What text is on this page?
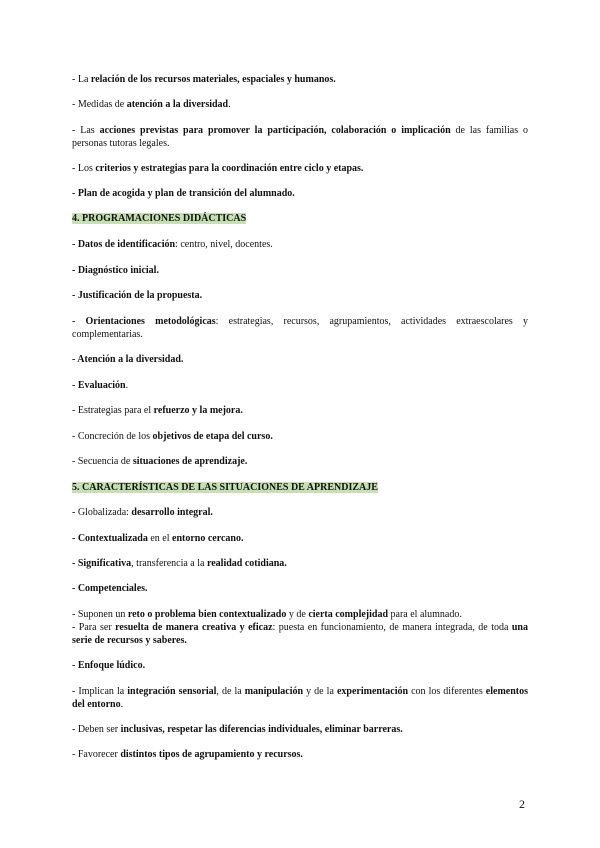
- La relación de los recursos materiales, espaciales y humanos.

- Medidas de atención a la diversidad.

- Las acciones previstas para promover la participación, colaboración o implicación de las familias o personas tutoras legales.

- Los criterios y estrategias para la coordinación entre ciclo y etapas.

- Plan de acogida y plan de transición del alumnado.

4. PROGRAMACIONES DIDÁCTICAS

- Datos de identificación: centro, nivel, docentes.

- Diagnóstico inicial.

- Justificación de la propuesta.

- Orientaciones metodológicas: estrategias, recursos, agrupamientos, actividades extraescolares y complementarias.

- Atención a la diversidad.

- Evaluación.

- Estrategias para el refuerzo y la mejora.

- Concreción de los objetivos de etapa del curso.

- Secuencia de situaciones de aprendizaje.

5. CARACTERÍSTICAS DE LAS SITUACIONES DE APRENDIZAJE

- Globalizada: desarrollo integral.

- Contextualizada en el entorno cercano.

- Significativa, transferencia a la realidad cotidiana.

- Competenciales.

- Suponen un reto o problema bien contextualizado y de cierta complejidad para el alumnado.

- Para ser resuelta de manera creativa y eficaz: puesta en funcionamiento, de manera integrada, de toda una serie de recursos y saberes.

- Enfoque lúdico.

- Implican la integración sensorial, de la manipulación y de la experimentación con los diferentes elementos del entorno.

- Deben ser inclusivas, respetar las diferencias individuales, eliminar barreras.

- Favorecer distintos tipos de agrupamiento y recursos.

2
